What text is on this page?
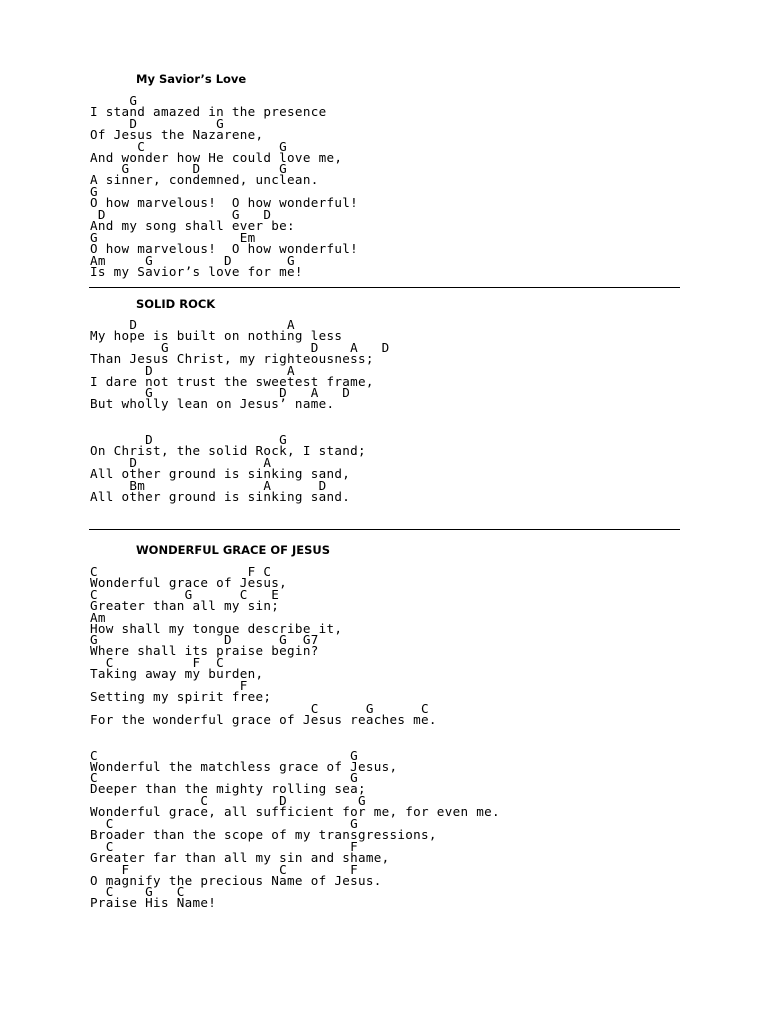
My Savior’s Love
G
I stand amazed in the presence
D          G
Of Jesus the Nazarene,
C                 G
And wonder how He could love me,
G        D          G
A sinner, condemned, unclean.
G
O how marvelous!  O how wonderful!
D                G   D
And my song shall ever be:
G                  Em
O how marvelous!  O how wonderful!
Am     G         D       G
Is my Savior’s love for me!
SOLID ROCK
D                   A
My hope is built on nothing less
G                  D    A   D
Than Jesus Christ, my righteousness;
D                 A
I dare not trust the sweetest frame,
G                D   A   D
But wholly lean on Jesus’ name.
D                G
On Christ, the solid Rock, I stand;
D                A
All other ground is sinking sand,
Bm               A      D
All other ground is sinking sand.
WONDERFUL GRACE OF JESUS
C                   F C
Wonderful grace of Jesus,
C           G      C   E
Greater than all my sin;
Am
How shall my tongue describe it,
G                D      G  G7
Where shall its praise begin?
C          F  C
Taking away my burden,
F
Setting my spirit free;
C      G      C
For the wonderful grace of Jesus reaches me.
C                                G
Wonderful the matchless grace of Jesus,
C                                G
Deeper than the mighty rolling sea;
C         D         G
Wonderful grace, all sufficient for me, for even me.
C                              G
Broader than the scope of my transgressions,
C                              F
Greater far than all my sin and shame,
F                   C        F
O magnify the precious Name of Jesus.
C    G   C
Praise His Name!
